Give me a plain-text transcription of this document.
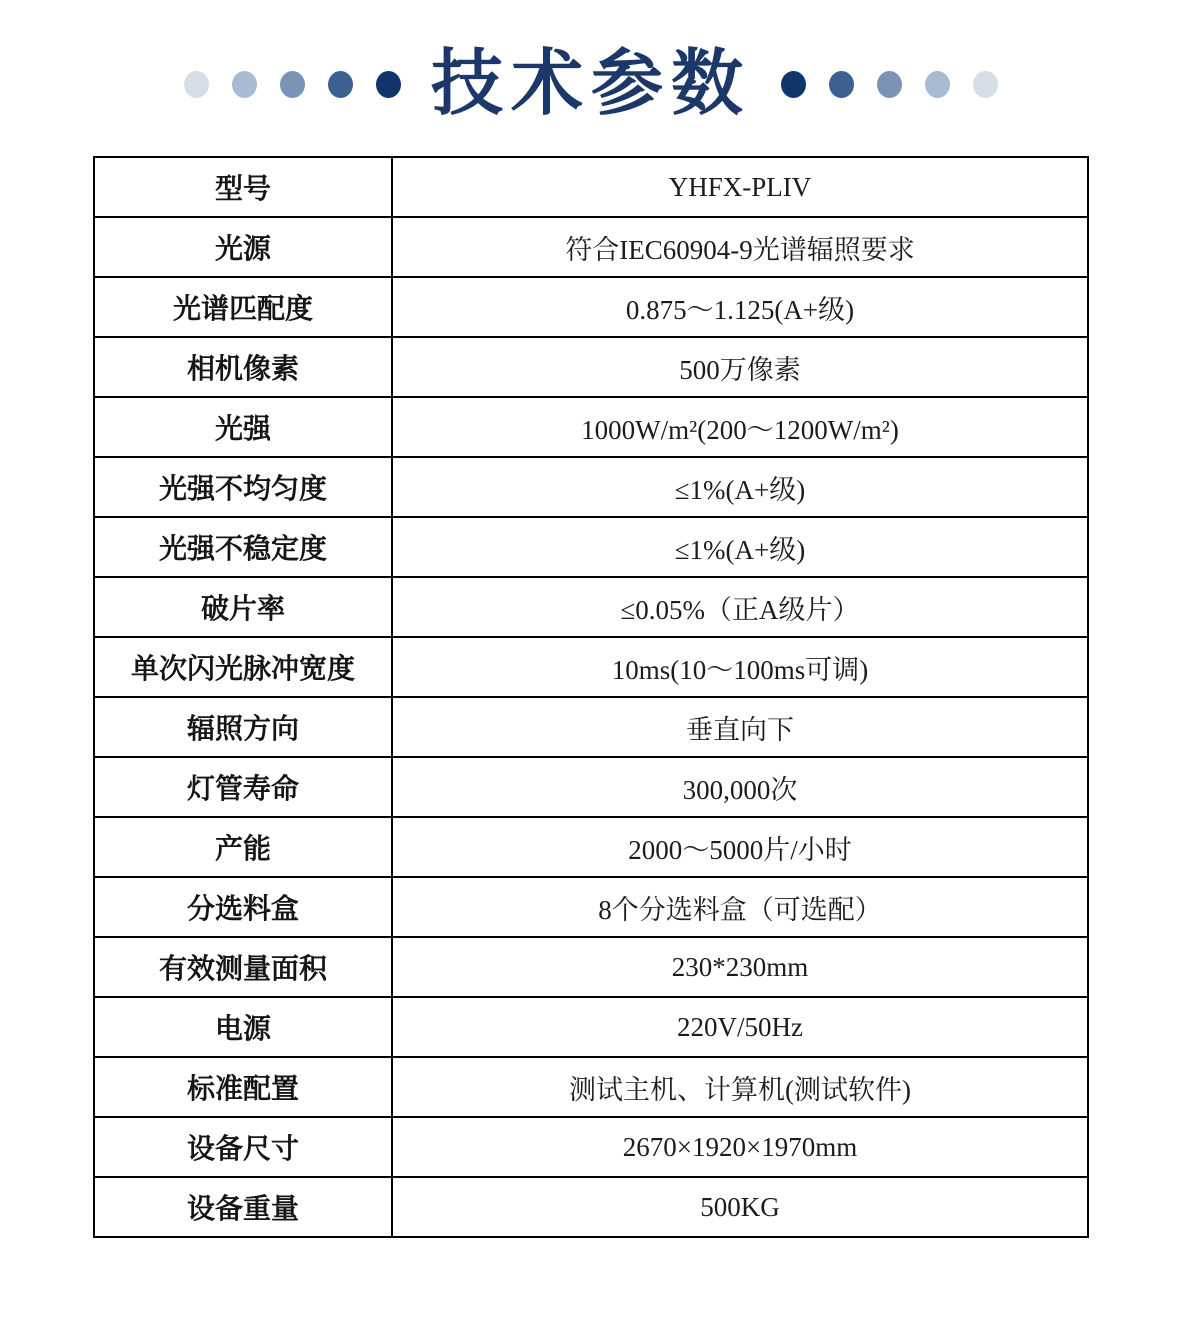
技术参数
型号	YHFX-PLIV
光源	符合IEC60904-9光谱辐照要求
光谱匹配度	0.875～1.125(A+级)
相机像素	500万像素
光强	1000W/m²(200～1200W/m²)
光强不均匀度	≤1%(A+级)
光强不稳定度	≤1%(A+级)
破片率	≤0.05%（正A级片）
单次闪光脉冲宽度	10ms(10～100ms可调)
辐照方向	垂直向下
灯管寿命	300,000次
产能	2000～5000片/小时
分选料盒	8个分选料盒（可选配）
有效测量面积	230*230mm
电源	220V/50Hz
标准配置	测试主机、计算机(测试软件)
设备尺寸	2670×1920×1970mm
设备重量	500KG
